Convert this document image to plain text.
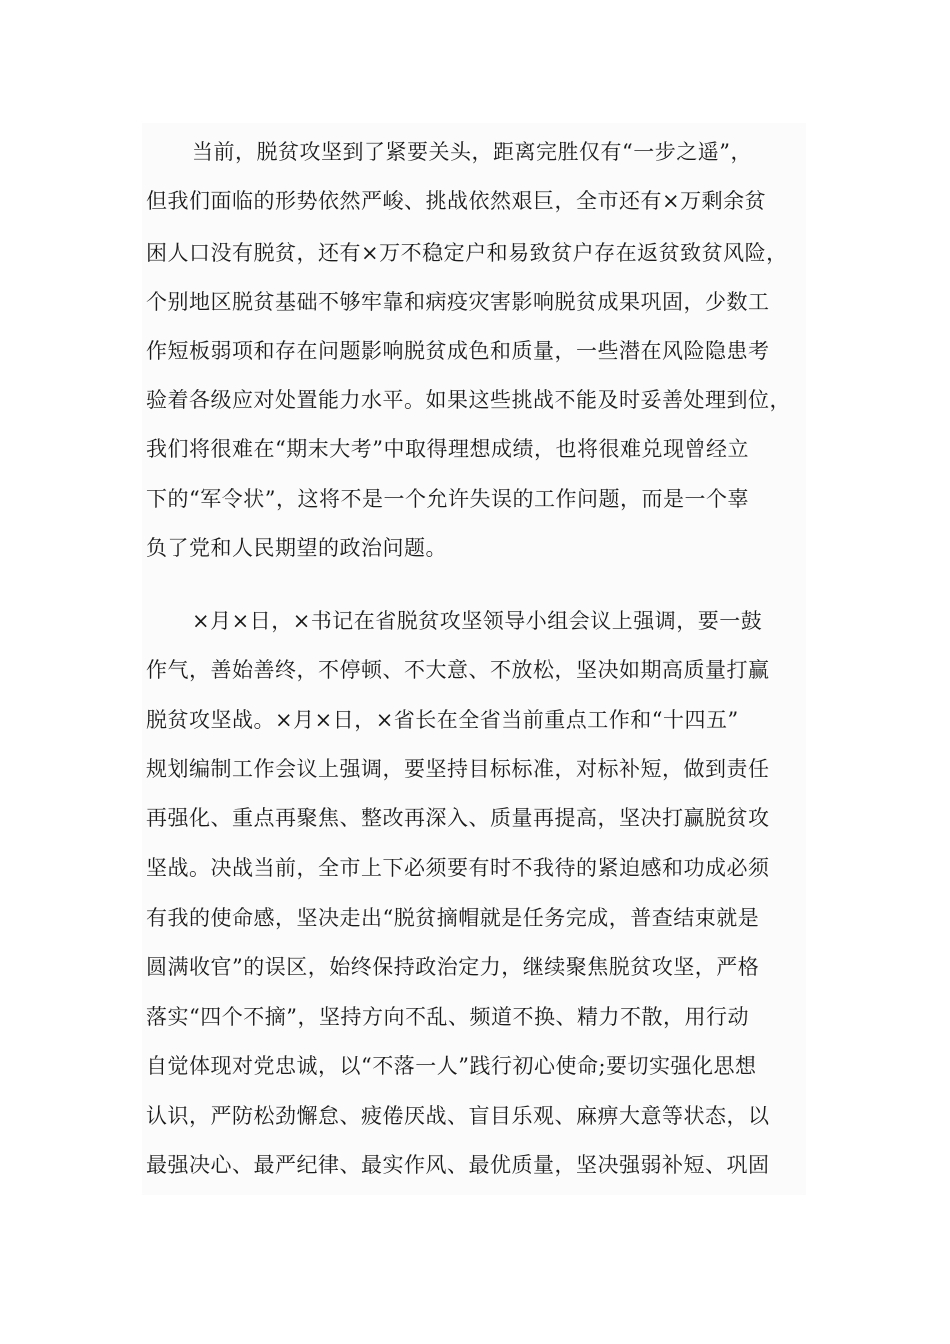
当前，脱贫攻坚到了紧要关头，距离完胜仅有“一步之遥”，
但我们面临的形势依然严峻、挑战依然艰巨，全市还有×万剩余贫
困人口没有脱贫，还有×万不稳定户和易致贫户存在返贫致贫风险，
个别地区脱贫基础不够牢靠和病疫灾害影响脱贫成果巩固，少数工
作短板弱项和存在问题影响脱贫成色和质量，一些潜在风险隐患考
验着各级应对处置能力水平。如果这些挑战不能及时妥善处理到位，
我们将很难在“期末大考”中取得理想成绩，也将很难兑现曾经立
下的“军令状”，这将不是一个允许失误的工作问题，而是一个辜
负了党和人民期望的政治问题。
×月×日，×书记在省脱贫攻坚领导小组会议上强调，要一鼓
作气，善始善终，不停顿、不大意、不放松，坚决如期高质量打赢
脱贫攻坚战。×月×日，×省长在全省当前重点工作和“十四五”
规划编制工作会议上强调，要坚持目标标准，对标补短，做到责任
再强化、重点再聚焦、整改再深入、质量再提高，坚决打赢脱贫攻
坚战。决战当前，全市上下必须要有时不我待的紧迫感和功成必须
有我的使命感，坚决走出“脱贫摘帽就是任务完成，普查结束就是
圆满收官”的误区，始终保持政治定力，继续聚焦脱贫攻坚，严格
落实“四个不摘”，坚持方向不乱、频道不换、精力不散，用行动
自觉体现对党忠诚，以“不落一人”践行初心使命;要切实强化思想
认识，严防松劲懈怠、疲倦厌战、盲目乐观、麻痹大意等状态，以
最强决心、最严纪律、最实作风、最优质量，坚决强弱补短、巩固
